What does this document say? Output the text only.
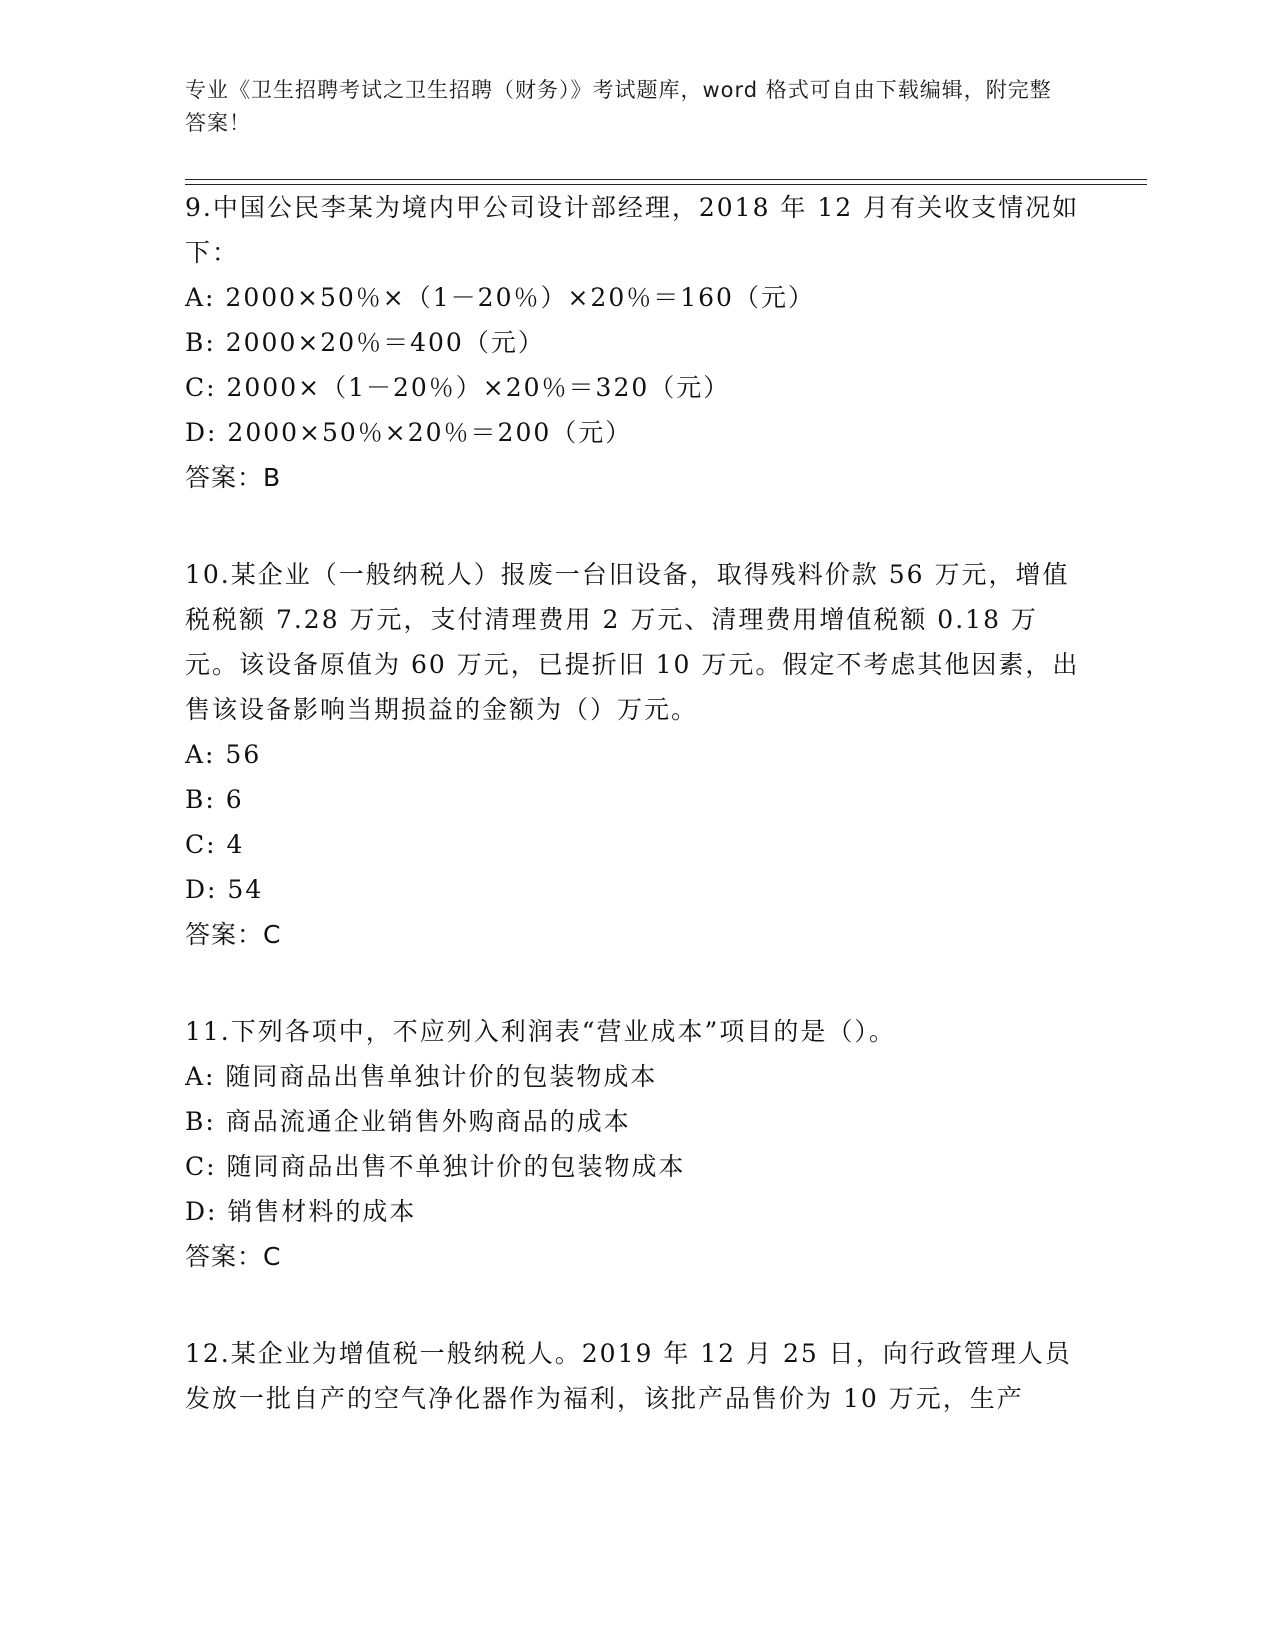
专业《卫生招聘考试之卫生招聘（财务）》考试题库，word 格式可自由下载编辑，附完整答案！

9.中国公民李某为境内甲公司设计部经理，2018 年 12 月有关收支情况如下：

A: 2000×50％×（1－20％）×20％＝160（元）

B: 2000×20％＝400（元）

C: 2000×（1－20％）×20％＝320（元）

D: 2000×50％×20％＝200（元）

答案：B

10.某企业（一般纳税人）报废一台旧设备，取得残料价款 56 万元，增值税税额 7.28 万元，支付清理费用 2 万元、清理费用增值税额 0.18 万元。该设备原值为 60 万元，已提折旧 10 万元。假定不考虑其他因素，出售该设备影响当期损益的金额为（）万元。

A: 56

B: 6

C: 4

D: 54

答案：C

11.下列各项中，不应列入利润表“营业成本”项目的是（）。

A: 随同商品出售单独计价的包装物成本

B: 商品流通企业销售外购商品的成本

C: 随同商品出售不单独计价的包装物成本

D: 销售材料的成本

答案：C

12.某企业为增值税一般纳税人。2019 年 12 月 25 日，向行政管理人员发放一批自产的空气净化器作为福利，该批产品售价为 10 万元，生产
